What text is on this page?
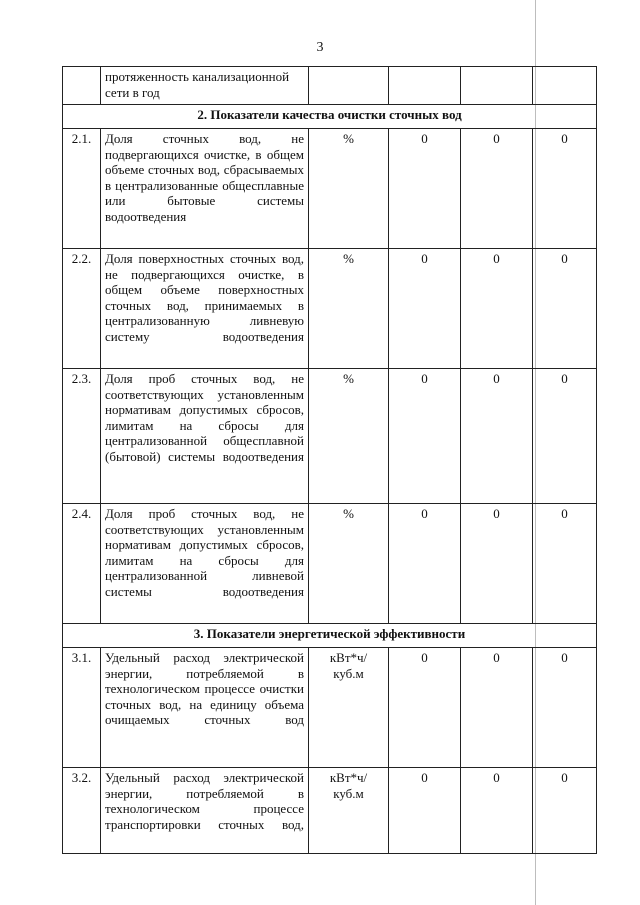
3
	протяженность канализационной сети в год				
2. Показатели качества очистки сточных вод					
2.1.	Доля сточных вод, не подвергающихся очистке, в общем объеме сточных вод, сбрасываемых в централизованные общесплавные или бытовые системы водоотведения	%	0	0	0
2.2.	Доля поверхностных сточных вод, не подвергающихся очистке, в общем объеме поверхностных сточных вод, принимаемых в централизованную ливневую систему водоотведения	%	0	0	0
2.3.	Доля проб сточных вод, не соответствующих установленным нормативам допустимых сбросов, лимитам на сбросы для централизованной общесплавной (бытовой) системы водоотведения	%	0	0	0
2.4.	Доля проб сточных вод, не соответствующих установленным нормативам допустимых сбросов, лимитам на сбросы для централизованной ливневой системы водоотведения	%	0	0	0
3. Показатели энергетической эффективности					
3.1.	Удельный расход электрической энергии, потребляемой в технологическом процессе очистки сточных вод, на единицу объема очищаемых сточных вод	кВт*ч/ куб.м	0	0	0
3.2.	Удельный расход электрической энергии, потребляемой в технологическом процессе транспортировки сточных вод,	кВт*ч/ куб.м	0	0	0
